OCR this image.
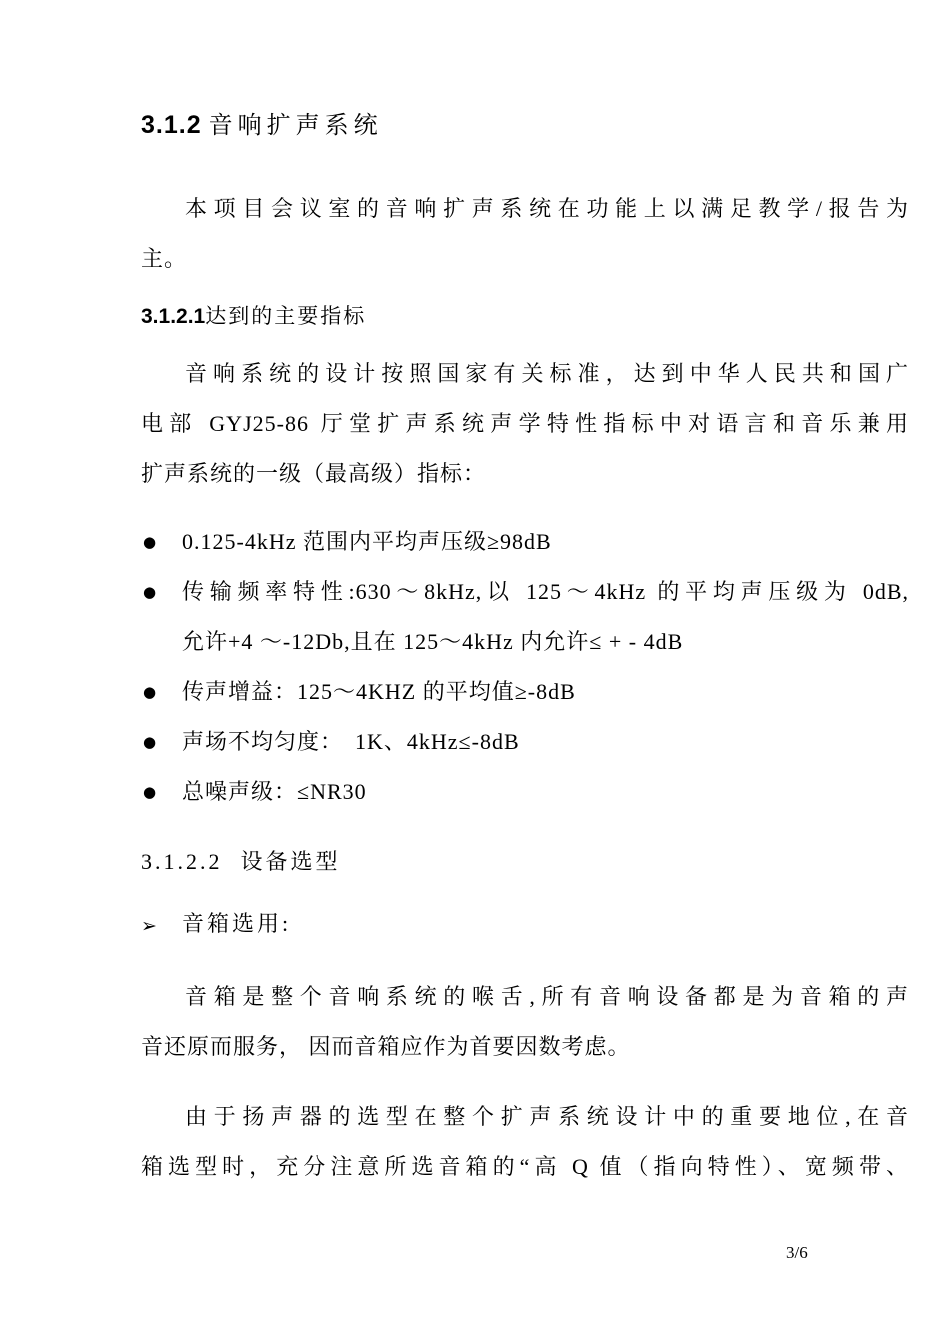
3.1.2 音响扩声系统
本项目会议室的音响扩声系统在功能上以满足教学/报告为
主。
3.1.2.1达到的主要指标
音响系统的设计按照国家有关标准，达到中华人民共和国广
电部 GYJ25-86 厅堂扩声系统声学特性指标中对语言和音乐兼用
扩声系统的一级（最高级）指标：
● 0.125-4kHz 范围内平均声压级≥98dB
● 传输频率特性:630～8kHz,以 125～4kHz 的平均声压级为 0dB,
允许+4 ～-12Db,且在 125～4kHz 内允许≤ + - 4dB
● 传声增益：125～4KHZ 的平均值≥-8dB
● 声场不均匀度：　1K、4kHz≤-8dB
● 总噪声级：≤NR30
3.1.2.2 设备选型
➢	音箱选用:
音箱是整个音响系统的喉舌,所有音响设备都是为音箱的声
音还原而服务， 因而音箱应作为首要因数考虑。
由于扬声器的选型在整个扩声系统设计中的重要地位,在音
箱选型时，充分注意所选音箱的“高 Q 值（指向特性）、宽频带、
3/6
